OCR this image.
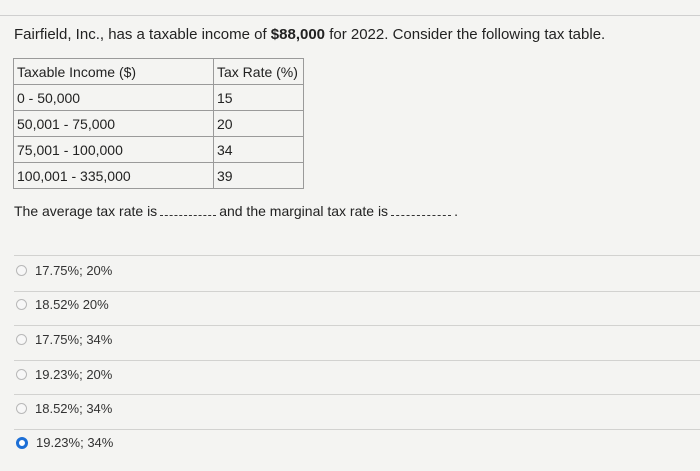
Fairfield, Inc., has a taxable income of $88,000 for 2022. Consider the following tax table.
Taxable Income ($)	Tax Rate (%)
0 - 50,000	15
50,001 - 75,000	20
75,001 - 100,000	34
100,001 - 335,000	39
The average tax rate is	and the marginal tax rate is	.
17.75%; 20%
18.52% 20%
17.75%; 34%
19.23%; 20%
18.52%; 34%
19.23%; 34%
